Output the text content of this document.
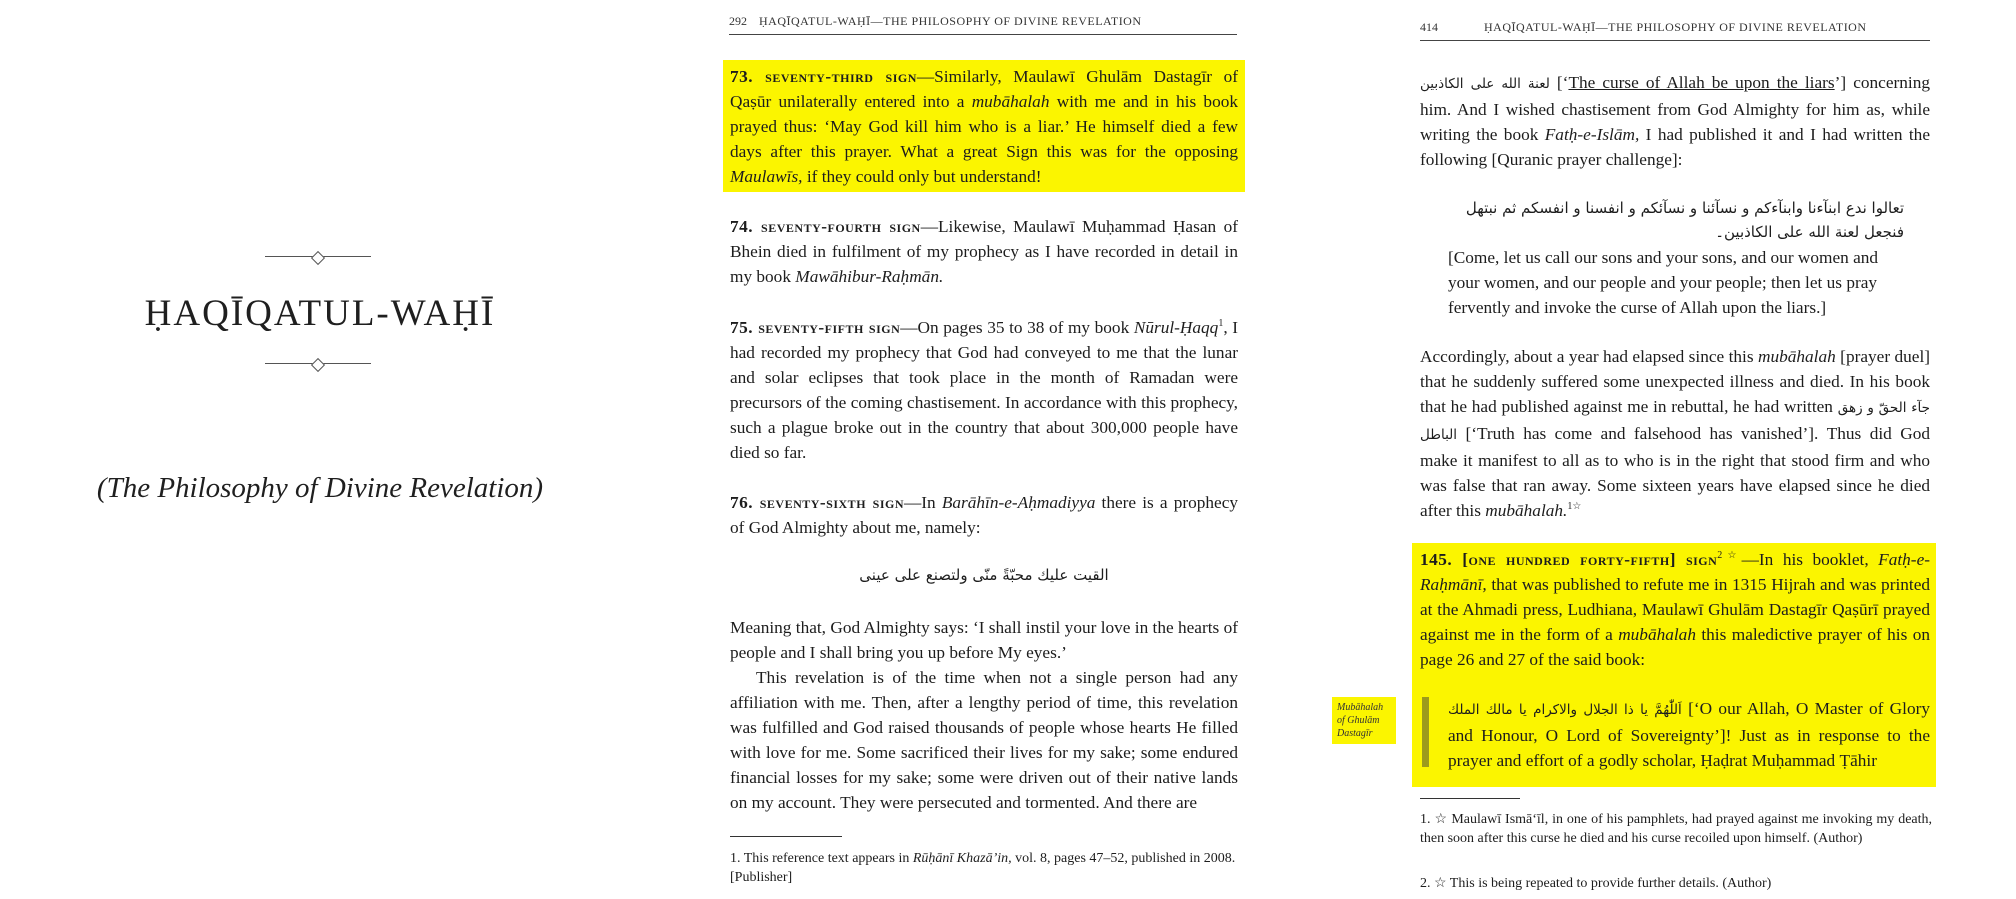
ḤAQĪQATUL-WAḤĪ
(The Philosophy of Divine Revelation)
292 ḤAQĪQATUL-WAḤĪ—THE PHILOSOPHY OF DIVINE REVELATION

73. seventy-third sign—Similarly, Maulawī Ghulām Dastagīr of Qaṣūr unilaterally entered into a mubāhalah with me and in his book prayed thus: ‘May God kill him who is a liar.’ He himself died a few days after this prayer. What a great Sign this was for the opposing Maulawīs, if they could only but understand!

74. seventy-fourth sign—Likewise, Maulawī Muḥammad Ḥasan of Bhein died in fulfilment of my prophecy as I have recorded in detail in my book Mawāhibur-Raḥmān.

75. seventy-fifth sign—On pages 35 to 38 of my book Nūrul-Ḥaqq$^1$, I had recorded my prophecy that God had conveyed to me that the lunar and solar eclipses that took place in the month of Ramadan were precursors of the coming chastisement. In accordance with this prophecy, such a plague broke out in the country that about 300,000 people have died so far.

76. seventy-sixth sign—In Barāhīn-e-Aḥmadiyya there is a prophecy of God Almighty about me, namely:

القيت عليك محبّةً منّى ولتصنع على عينى

Meaning that, God Almighty says: ‘I shall instil your love in the hearts of people and I shall bring you up before My eyes.’

This revelation is of the time when not a single person had any affiliation with me. Then, after a lengthy period of time, this revelation was fulfilled and God raised thousands of people whose hearts He filled with love for me. Some sacrificed their lives for my sake; some endured financial losses for my sake; some were driven out of their native lands on my account. They were persecuted and tormented. And there are

1. This reference text appears in Rūḥānī Khazā’in, vol. 8, pages 47–52, published in 2008. [Publisher]

414	ḤAQĪQATUL-WAḤĪ—THE PHILOSOPHY OF DIVINE REVELATION

لعنة الله على الكاذبين [‘The curse of Allah be upon the liars’] concerning him. And I wished chastisement from God Almighty for him as, while writing the book Fatḥ-e-Islām, I had published it and I had written the following [Quranic prayer challenge]:

تعالوا ندع ابنآءنا وابنآءكم و نسآئنا و نسآئكم و انفسنا و انفسكم ثم نبتهل فنجعل لعنة الله على الكاذبين۔

[Come, let us call our sons and your sons, and our women and your women, and our people and your people; then let us pray fervently and invoke the curse of Allah upon the liars.]

Accordingly, about a year had elapsed since this mubāhalah [prayer duel] that he suddenly suffered some unexpected illness and died. In his book that he had published against me in rebuttal, he had written جآء الحقّ و زهق الباطل [‘Truth has come and falsehood has vanished’]. Thus did God make it manifest to all as to who is in the right that stood firm and who was false that ran away. Some sixteen years have elapsed since he died after this mubāhalah.$^{1☆}$

145. [one hundred forty-fifth] sign$^{2☆}$—In his booklet, Fatḥ-e-Raḥmānī, that was published to refute me in 1315 Hijrah and was printed at the Ahmadi press, Ludhiana, Maulawī Ghulām Dastagīr Qaṣūrī prayed against me in the form of a mubāhalah this maledictive prayer of his on page 26 and 27 of the said book:

اَللّٰهُمَّ يا ذا الجلال والاكرام يا مالك الملك [‘O our Allah, O Master of Glory and Honour, O Lord of Sovereignty’]! Just as in response to the prayer and effort of a godly scholar, Ḥaḍrat Muḥammad Ṭāhir

Mubāhalah of Ghulām Dastagīr

1. ☆ Maulawī Ismā‘īl, in one of his pamphlets, had prayed against me invoking my death, then soon after this curse he died and his curse recoiled upon himself. (Author)

2. ☆ This is being repeated to provide further details. (Author)
